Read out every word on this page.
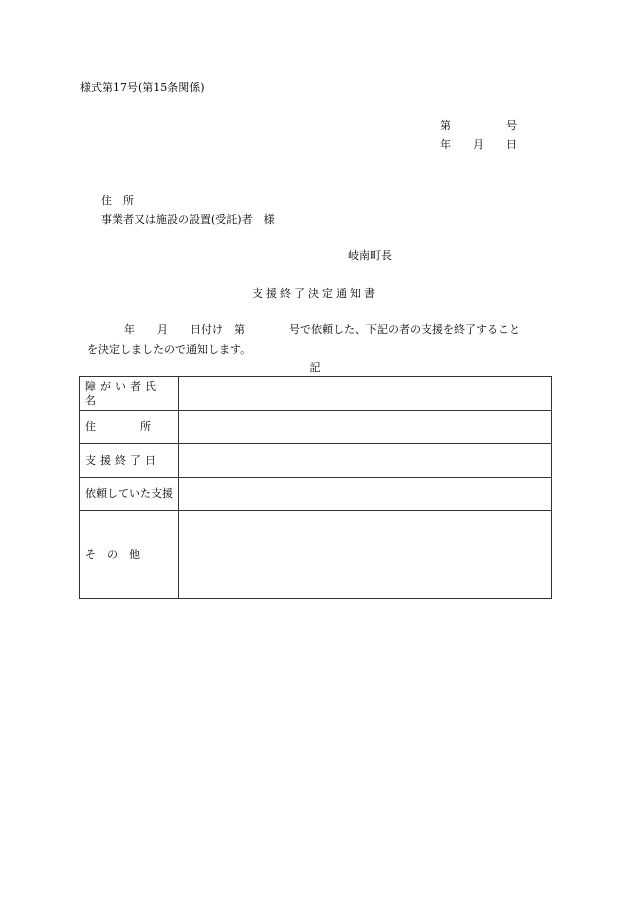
様式第17号(第15条関係)
第　　　　　号
年　　月　　日
住　所
事業者又は施設の設置(受託)者　様
岐南町長
支援終了決定通知書
年　　月　　日付け　第　　　　号で依頼した、下記の者の支援を終了すること
を決定しましたので通知します。
記
障がい者氏名	
住　　　　所	
支援終了日	
依頼していた支援	
そ　の　他	
